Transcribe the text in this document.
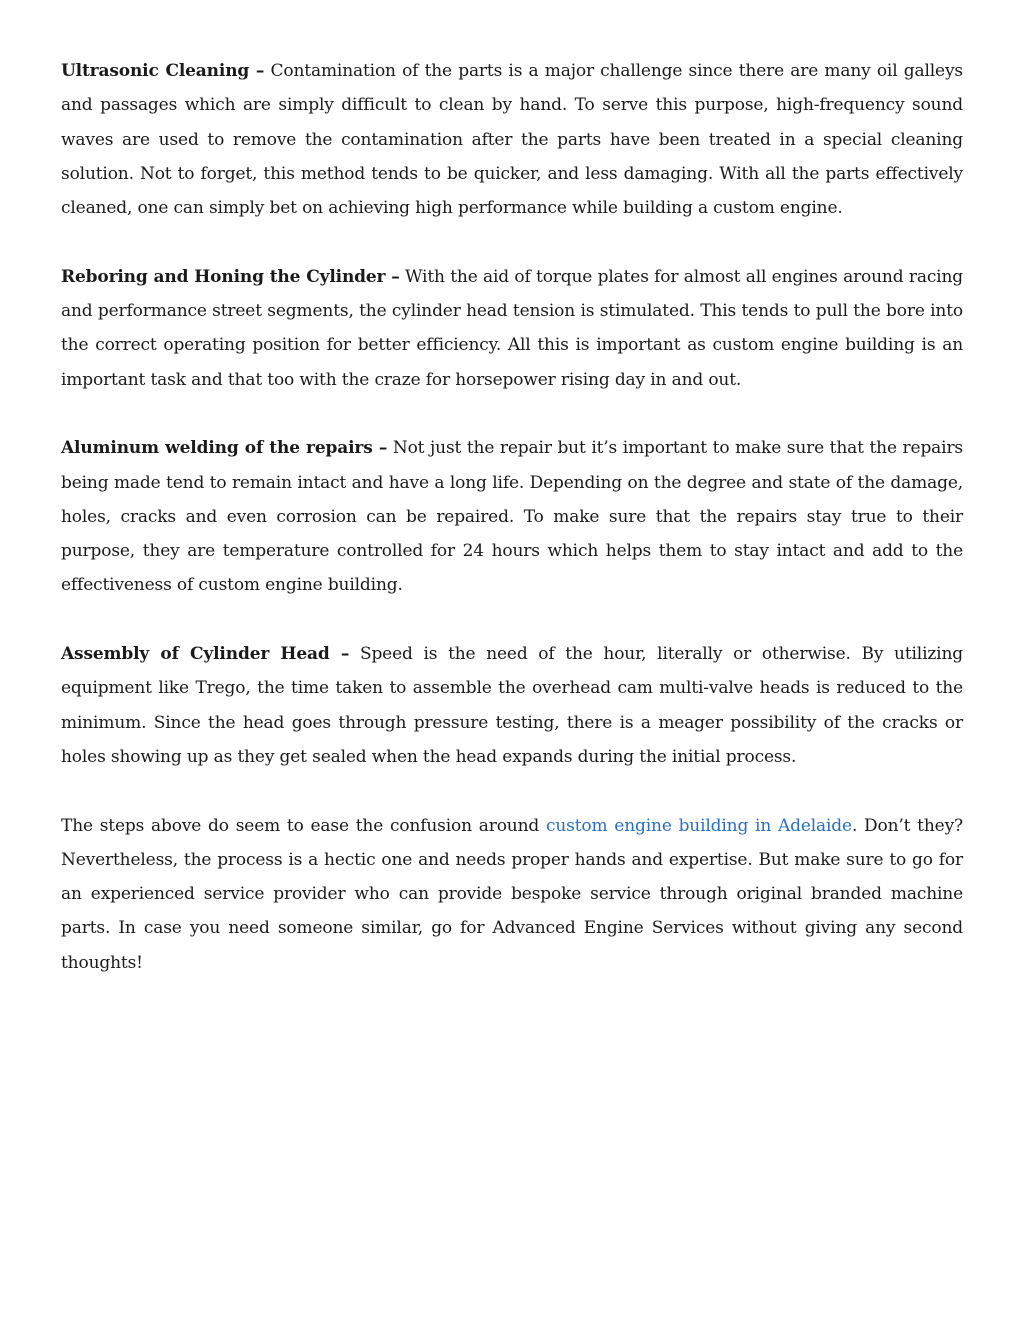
Ultrasonic Cleaning – Contamination of the parts is a major challenge since there are many oil galleys and passages which are simply difficult to clean by hand. To serve this purpose, high-frequency sound waves are used to remove the contamination after the parts have been treated in a special cleaning solution. Not to forget, this method tends to be quicker, and less damaging. With all the parts effectively cleaned, one can simply bet on achieving high performance while building a custom engine.

Reboring and Honing the Cylinder – With the aid of torque plates for almost all engines around racing and performance street segments, the cylinder head tension is stimulated. This tends to pull the bore into the correct operating position for better efficiency. All this is important as custom engine building is an important task and that too with the craze for horsepower rising day in and out.

Aluminum welding of the repairs – Not just the repair but it’s important to make sure that the repairs being made tend to remain intact and have a long life. Depending on the degree and state of the damage, holes, cracks and even corrosion can be repaired. To make sure that the repairs stay true to their purpose, they are temperature controlled for 24 hours which helps them to stay intact and add to the effectiveness of custom engine building.

Assembly of Cylinder Head – Speed is the need of the hour, literally or otherwise. By utilizing equipment like Trego, the time taken to assemble the overhead cam multi-valve heads is reduced to the minimum. Since the head goes through pressure testing, there is a meager possibility of the cracks or holes showing up as they get sealed when the head expands during the initial process.

The steps above do seem to ease the confusion around custom engine building in Adelaide. Don’t they? Nevertheless, the process is a hectic one and needs proper hands and expertise. But make sure to go for an experienced service provider who can provide bespoke service through original branded machine parts. In case you need someone similar, go for Advanced Engine Services without giving any second thoughts!
